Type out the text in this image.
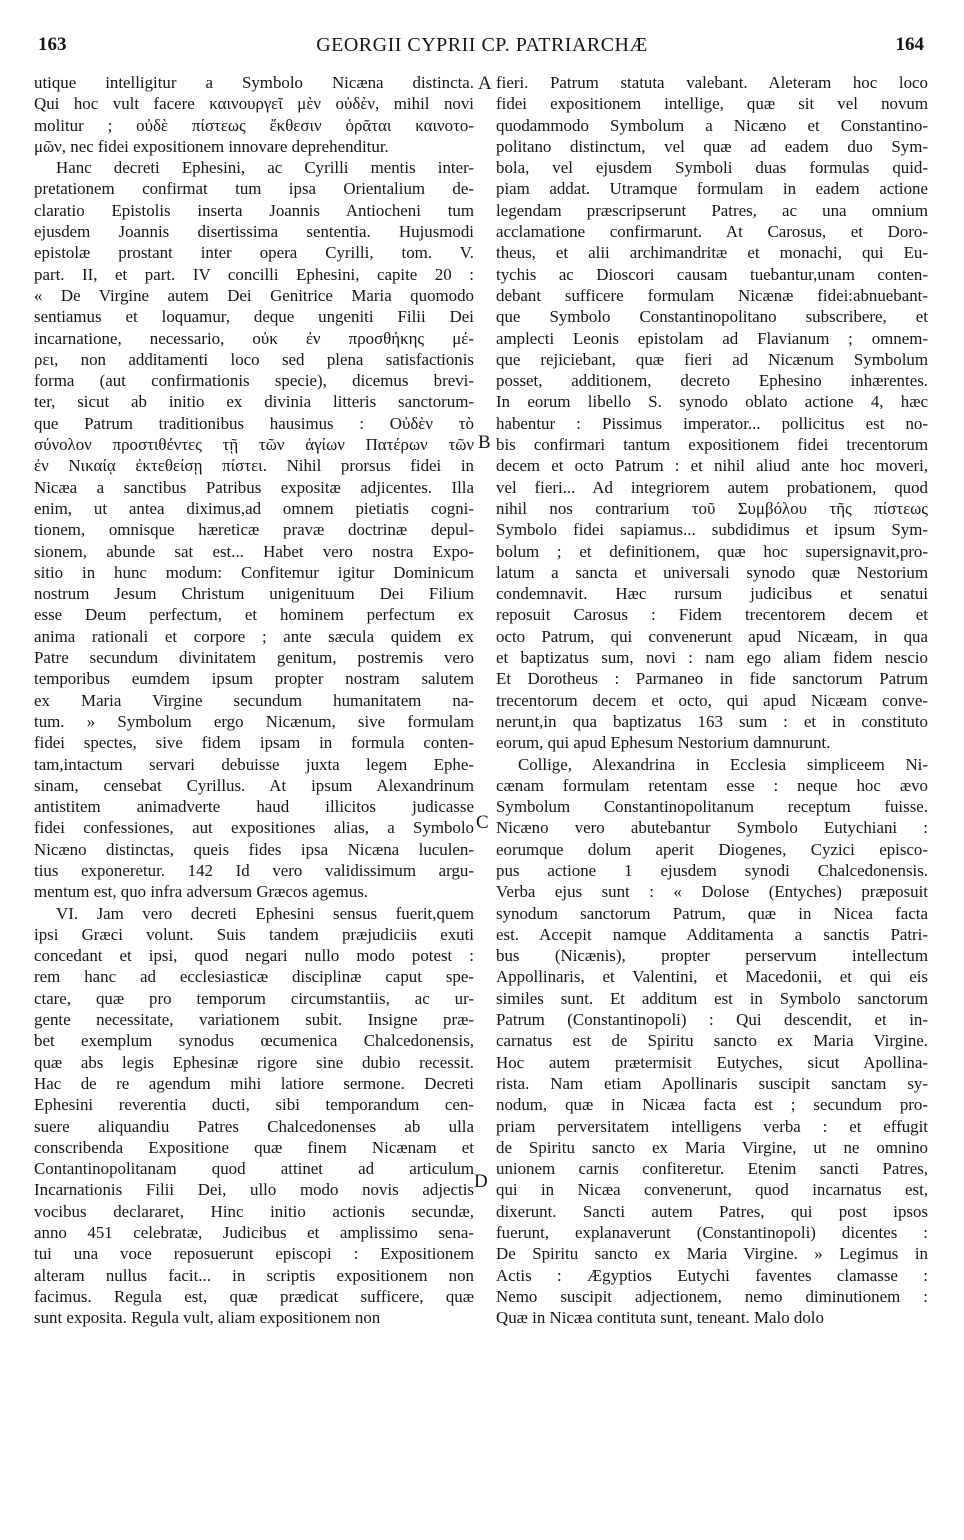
163	GEORGII CYPRII CP. PATRIARCHÆ	164
A
B
C
D
utique intelligitur a Symbolo Nicæna distincta.
Qui hoc vult facere καινουργεῖ μὲν οὐδὲν, mihil novi
molitur ; οὐδὲ πίστεως ἔκθεσιν ὁρᾶται καινοτο-
μῶν, nec fidei expositionem innovare deprehenditur.
Hanc decreti Ephesini, ac Cyrilli mentis inter-
pretationem confirmat tum ipsa Orientalium de-
claratio Epistolis inserta Joannis Antiocheni tum
ejusdem Joannis disertissima sententia. Hujusmodi
epistolæ prostant inter opera Cyrilli, tom. V.
part. II, et part. IV concilli Ephesini, capite 20 :
« De Virgine autem Dei Genitrice Maria quomodo
sentiamus et loquamur, deque ungeniti Filii Dei
incarnatione, necessario, οὐκ ἐν προσθήκης μέ-
ρει, non additamenti loco sed plena satisfactionis
forma (aut confirmationis specie), dicemus brevi-
ter, sicut ab initio ex divinia litteris sanctorum-
que Patrum traditionibus hausimus : Οὐδὲν τὸ
σύνολον προστιθέντες τῇ τῶν ἁγίων Πατέρων τῶν
ἐν Νικαίᾳ ἐκτεθείσῃ πίστει. Nihil prorsus fidei in
Nicæa a sanctibus Patribus expositæ adjicentes. Illa
enim, ut antea diximus,ad omnem pietiatis cogni-
tionem, omnisque hæreticæ pravæ doctrinæ depul-
sionem, abunde sat est... Habet vero nostra Expo-
sitio in hunc modum: Confitemur igitur Dominicum
nostrum Jesum Christum unigenituum Dei Filium
esse Deum perfectum, et hominem perfectum ex
anima rationali et corpore ; ante sæcula quidem ex
Patre secundum divinitatem genitum, postremis vero
temporibus eumdem ipsum propter nostram salutem
ex Maria Virgine secundum humanitatem na-
tum. » Symbolum ergo Nicænum, sive formulam
fidei spectes, sive fidem ipsam in formula conten-
tam,intactum servari debuisse juxta legem Ephe-
sinam, censebat Cyrillus. At ipsum Alexandrinum
antistitem animadverte haud illicitos judicasse
fidei confessiones, aut expositiones alias, a Symbolo
Nicæno distinctas, queis fides ipsa Nicæna luculen-
tius exponeretur. 142 Id vero validissimum argu-
mentum est, quo infra adversum Græcos agemus.
VI. Jam vero decreti Ephesini sensus fuerit,quem
ipsi Græci volunt. Suis tandem præjudiciis exuti
concedant et ipsi, quod negari nullo modo potest :
rem hanc ad ecclesiasticæ disciplinæ caput spe-
ctare, quæ pro temporum circumstantiis, ac ur-
gente necessitate, variationem subit. Insigne præ-
bet exemplum synodus œcumenica Chalcedonensis,
quæ abs legis Ephesinæ rigore sine dubio recessit.
Hac de re agendum mihi latiore sermone. Decreti
Ephesini reverentia ducti, sibi temporandum cen-
suere aliquandiu Patres Chalcedonenses ab ulla
conscribenda Expositione quæ finem Nicænam et
Contantinopolitanam quod attinet ad articulum
Incarnationis Filii Dei, ullo modo novis adjectis
vocibus declararet, Hinc initio actionis secundæ,
anno 451 celebratæ, Judicibus et amplissimo sena-
tui una voce reposuerunt episcopi : Expositionem
alteram nullus facit... in scriptis expositionem non
facimus. Regula est, quæ prædicat sufficere, quæ
sunt exposita. Regula vult, aliam expositionem non
fieri. Patrum statuta valebant. Aleteram hoc loco
fidei expositionem intellige, quæ sit vel novum
quodammodo Symbolum a Nicæno et Constantino-
politano distinctum, vel quæ ad eadem duo Sym-
bola, vel ejusdem Symboli duas formulas quid-
piam addat. Utramque formulam in eadem actione
legendam præscripserunt Patres, ac una omnium
acclamatione confirmarunt. At Carosus, et Doro-
theus, et alii archimandritæ et monachi, qui Eu-
tychis ac Dioscori causam tuebantur,unam conten-
debant sufficere formulam Nicænæ fidei:abnuebant-
que Symbolo Constantinopolitano subscribere, et
amplecti Leonis epistolam ad Flavianum ; omnem-
que rejiciebant, quæ fieri ad Nicænum Symbolum
posset, additionem, decreto Ephesino inhærentes.
In eorum libello S. synodo oblato actione 4, hæc
habentur : Pissimus imperator... pollicitus est no-
bis confirmari tantum expositionem fidei trecentorum
decem et octo Patrum : et nihil aliud ante hoc moveri,
vel fieri... Ad integriorem autem probationem, quod
nihil nos contrarium τοῦ Συμβόλου τῆς πίστεως
Symbolo fidei sapiamus... subdidimus et ipsum Sym-
bolum ; et definitionem, quæ hoc supersignavit,pro-
latum a sancta et universali synodo quæ Nestorium
condemnavit. Hæc rursum judicibus et senatui
reposuit Carosus : Fidem trecentorem decem et
octo Patrum, qui convenerunt apud Nicæam, in qua
et baptizatus sum, novi : nam ego aliam fidem nescio
Et Dorotheus : Parmaneo in fide sanctorum Patrum
trecentorum decem et octo, qui apud Nicæam conve-
nerunt,in qua baptizatus 163 sum : et in constituto
eorum, qui apud Ephesum Nestorium damnurunt.
Collige, Alexandrina in Ecclesia simpliceem Ni-
cænam formulam retentam esse : neque hoc ævo
Symbolum Constantinopolitanum receptum fuisse.
Nicæno vero abutebantur Symbolo Eutychiani :
eorumque dolum aperit Diogenes, Cyzici episco-
pus actione 1 ejusdem synodi Chalcedonensis.
Verba ejus sunt : « Dolose (Entyches) præposuit
synodum sanctorum Patrum, quæ in Nicea facta
est. Accepit namque Additamenta a sanctis Patri-
bus (Nicænis), propter perservum intellectum
Appollinaris, et Valentini, et Macedonii, et qui eis
similes sunt. Et additum est in Symbolo sanctorum
Patrum (Constantinopoli) : Qui descendit, et in-
carnatus est de Spiritu sancto ex Maria Virgine.
Hoc autem prætermisit Eutyches, sicut Apollina-
rista. Nam etiam Apollinaris suscipit sanctam sy-
nodum, quæ in Nicæa facta est ; secundum pro-
priam perversitatem intelligens verba : et effugit
de Spiritu sancto ex Maria Virgine, ut ne omnino
unionem carnis confiteretur. Etenim sancti Patres,
qui in Nicæa convenerunt, quod incarnatus est,
dixerunt. Sancti autem Patres, qui post ipsos
fuerunt, explanaverunt (Constantinopoli) dicentes :
De Spiritu sancto ex Maria Virgine. » Legimus in
Actis : Ægyptios Eutychi faventes clamasse :
Nemo suscipit adjectionem, nemo diminutionem :
Quæ in Nicæa contituta sunt, teneant. Malo dolo
